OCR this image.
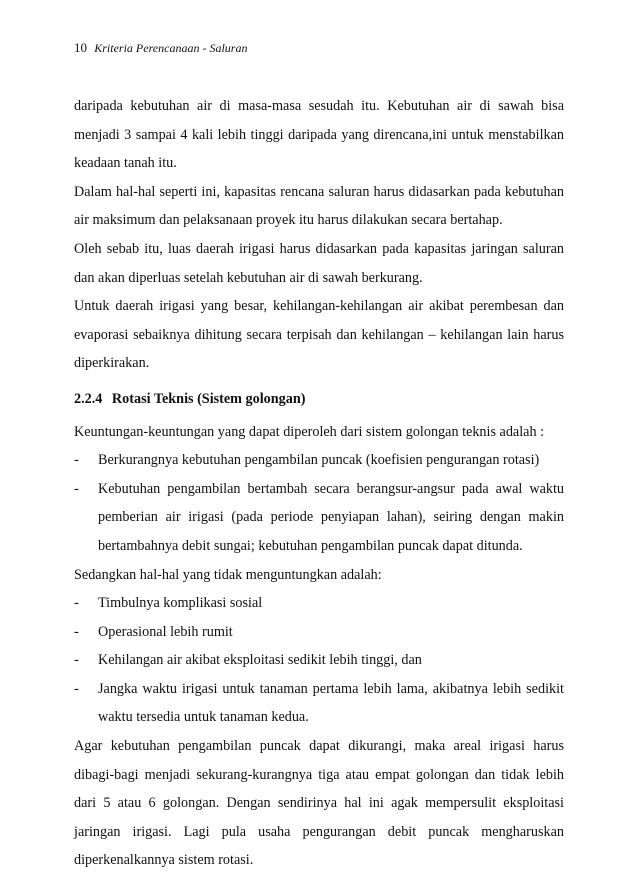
10 Kriteria Perencanaan - Saluran

daripada kebutuhan air di masa-masa sesudah itu. Kebutuhan air di sawah bisa menjadi 3 sampai 4 kali lebih tinggi daripada yang direncana,ini untuk menstabilkan keadaan tanah itu.

Dalam hal-hal seperti ini, kapasitas rencana saluran harus didasarkan pada kebutuhan air maksimum dan pelaksanaan proyek itu harus dilakukan secara bertahap.

Oleh sebab itu, luas daerah irigasi harus didasarkan pada kapasitas jaringan saluran dan akan diperluas setelah kebutuhan air di sawah berkurang.

Untuk daerah irigasi yang besar, kehilangan-kehilangan air akibat perembesan dan evaporasi sebaiknya dihitung secara terpisah dan kehilangan – kehilangan lain harus diperkirakan.

2.2.4 Rotasi Teknis (Sistem golongan)

Keuntungan-keuntungan yang dapat diperoleh dari sistem golongan teknis adalah :

-	Berkurangnya kebutuhan pengambilan puncak (koefisien pengurangan rotasi)
-	Kebutuhan pengambilan bertambah secara berangsur-angsur pada awal waktu pemberian air irigasi (pada periode penyiapan lahan), seiring dengan makin bertambahnya debit sungai; kebutuhan pengambilan puncak dapat ditunda.

Sedangkan hal-hal yang tidak menguntungkan adalah:

-	Timbulnya komplikasi sosial
-	Operasional lebih rumit
-	Kehilangan air akibat eksploitasi sedikit lebih tinggi, dan
-	Jangka waktu irigasi untuk tanaman pertama lebih lama, akibatnya lebih sedikit waktu tersedia untuk tanaman kedua.

Agar kebutuhan pengambilan puncak dapat dikurangi, maka areal irigasi harus dibagi-bagi menjadi sekurang-kurangnya tiga atau empat golongan dan tidak lebih dari 5 atau 6 golongan. Dengan sendirinya hal ini agak mempersulit eksploitasi jaringan irigasi. Lagi pula usaha pengurangan debit puncak mengharuskan diperkenalkannya sistem rotasi.
